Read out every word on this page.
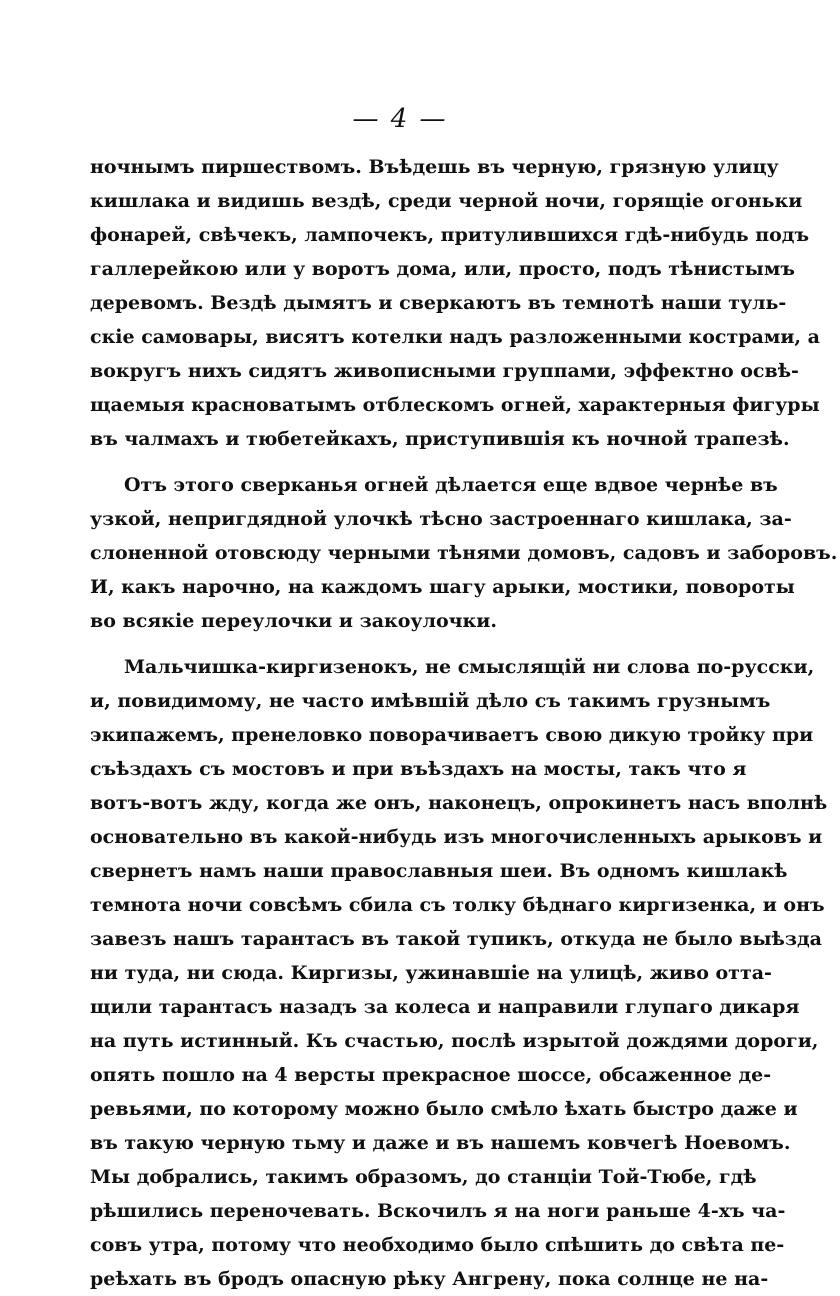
— 4 —
ночнымъ пиршествомъ. Въѣдешь въ черную, грязную улицу
кишлака и видишь вездѣ, среди черной ночи, горящіе огоньки
фонарей, свѣчекъ, лампочекъ, притулившихся гдѣ-нибудь подъ
галлерейкою или у воротъ дома, или, просто, подъ тѣнистымъ
деревомъ. Вездѣ дымятъ и сверкаютъ въ темнотѣ наши туль-
скіе самовары, висятъ котелки надъ разложенными кострами, а
вокругъ нихъ сидятъ живописными группами, эффектно освѣ-
щаемыя красноватымъ отблескомъ огней, характерныя фигуры
въ чалмахъ и тюбетейкахъ, приступившія къ ночной трапезѣ.
Отъ этого сверканья огней дѣлается еще вдвое чернѣе въ
узкой, непригдядной улочкѣ тѣсно застроеннаго кишлака, за-
слоненной отовсюду черными тѣнями домовъ, садовъ и заборовъ.
И, какъ нарочно, на каждомъ шагу арыки, мостики, повороты
во всякіе переулочки и закоулочки.
Мальчишка-киргизенокъ, не смыслящій ни слова по-русски,
и, повидимому, не часто имѣвшій дѣло съ такимъ грузнымъ
экипажемъ, пренеловко поворачиваетъ свою дикую тройку при
съѣздахъ съ мостовъ и при въѣздахъ на мосты, такъ что я
вотъ-вотъ жду, когда же онъ, наконецъ, опрокинетъ насъ вполнѣ
основательно въ какой-нибудь изъ многочисленныхъ арыковъ и
свернетъ намъ наши православныя шеи. Въ одномъ кишлакѣ
темнота ночи совсѣмъ сбила съ толку бѣднаго киргизенка, и онъ
завезъ нашъ тарантасъ въ такой тупикъ, откуда не было выѣзда
ни туда, ни сюда. Киргизы, ужинавшіе на улицѣ, живо отта-
щили тарантасъ назадъ за колеса и направили глупаго дикаря
на путь истинный. Къ счастью, послѣ изрытой дождями дороги,
опять пошло на 4 версты прекрасное шоссе, обсаженное де-
ревьями, по которому можно было смѣло ѣхать быстро даже и
въ такую черную тьму и даже и въ нашемъ ковчегѣ Ноевомъ.
Мы добрались, такимъ образомъ, до станціи Той-Тюбе, гдѣ
рѣшились переночевать. Вскочилъ я на ноги раньше 4-хъ ча-
совъ утра, потому что необходимо было спѣшить до свѣта пе-
реѣхать въ бродъ опасную рѣку Ангрену, пока солнце не на-
